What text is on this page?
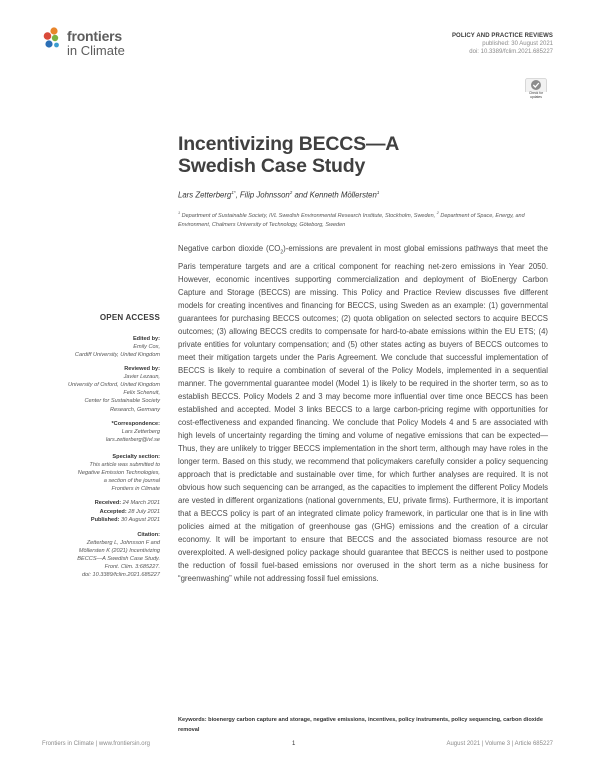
frontiers
in Climate
POLICY AND PRACTICE REVIEWS
published: 30 August 2021
doi: 10.3389/fclim.2021.685227
Check for
updates
Incentivizing BECCS—A Swedish Case Study
Lars Zetterberg$^{1*}$, Filip Johnsson$^2$ and Kenneth Möllersten$^1$
$^1$ Department of Sustainable Society, IVL Swedish Environmental Research Institute, Stockholm, Sweden, $^2$ Department of Space, Energy, and Environment, Chalmers University of Technology, Göteborg, Sweden

Negative carbon dioxide $(CO_2)$-emissions are prevalent in most global emissions pathways that meet the Paris temperature targets and are a critical component for reaching net-zero emissions in Year 2050. However, economic incentives supporting commercialization and deployment of BioEnergy Carbon Capture and Storage (BECCS) are missing. This Policy and Practice Review discusses five different models for creating incentives and financing for BECCS, using Sweden as an example: (1) governmental guarantees for purchasing BECCS outcomes; (2) quota obligation on selected sectors to acquire BECCS outcomes; (3) allowing BECCS credits to compensate for hard-to-abate emissions within the EU ETS; (4) private entities for voluntary compensation; and (5) other states acting as buyers of BECCS outcomes to meet their mitigation targets under the Paris Agreement. We conclude that successful implementation of BECCS is likely to require a combination of several of the Policy Models, implemented in a sequential manner. The governmental guarantee model (Model 1) is likely to be required in the shorter term, so as to establish BECCS. Policy Models 2 and 3 may become more influential over time once BECCS has been established and accepted. Model 3 links BECCS to a large carbon-pricing regime with opportunities for cost-effectiveness and expanded financing. We conclude that Policy Models 4 and 5 are associated with high levels of uncertainty regarding the timing and volume of negative emissions that can be expected—Thus, they are unlikely to trigger BECCS implementation in the short term, although may have roles in the longer term. Based on this study, we recommend that policymakers carefully consider a policy sequencing approach that is predictable and sustainable over time, for which further analyses are required. It is not obvious how such sequencing can be arranged, as the capacities to implement the different Policy Models are vested in different organizations (national governments, EU, private firms). Furthermore, it is important that a BECCS policy is part of an integrated climate policy framework, in particular one that is in line with policies aimed at the mitigation of greenhouse gas (GHG) emissions and the creation of a circular economy. It will be important to ensure that BECCS and the associated biomass resource are not overexploited. A well-designed policy package should guarantee that BECCS is neither used to postpone the reduction of fossil fuel-based emissions nor overused in the short term as a niche business for “greenwashing” while not addressing fossil fuel emissions.

Keywords: bioenergy carbon capture and storage, negative emissions, incentives, policy instruments, policy sequencing, carbon dioxide removal
OPEN ACCESS
Edited by:
Emily Cox,
Cardiff University, United Kingdom
Reviewed by:
Javier Lezaun,
University of Oxford, United Kingdom
Felix Schenuit,
Center for Sustainable Society
Research, Germany
*Correspondence:
Lars Zetterberg
lars.zetterberg@ivl.se
Specialty section:
This article was submitted to
Negative Emission Technologies,
a section of the journal
Frontiers in Climate
Received: 24 March 2021
Accepted: 28 July 2021
Published: 30 August 2021
Citation:
Zetterberg L, Johnsson F and
Möllersten K (2021) Incentivizing
BECCS—A Swedish Case Study.
Front. Clim. 3:685227.
doi: 10.3389/fclim.2021.685227
Frontiers in Climate | www.frontiersin.org	1	August 2021 | Volume 3 | Article 685227
